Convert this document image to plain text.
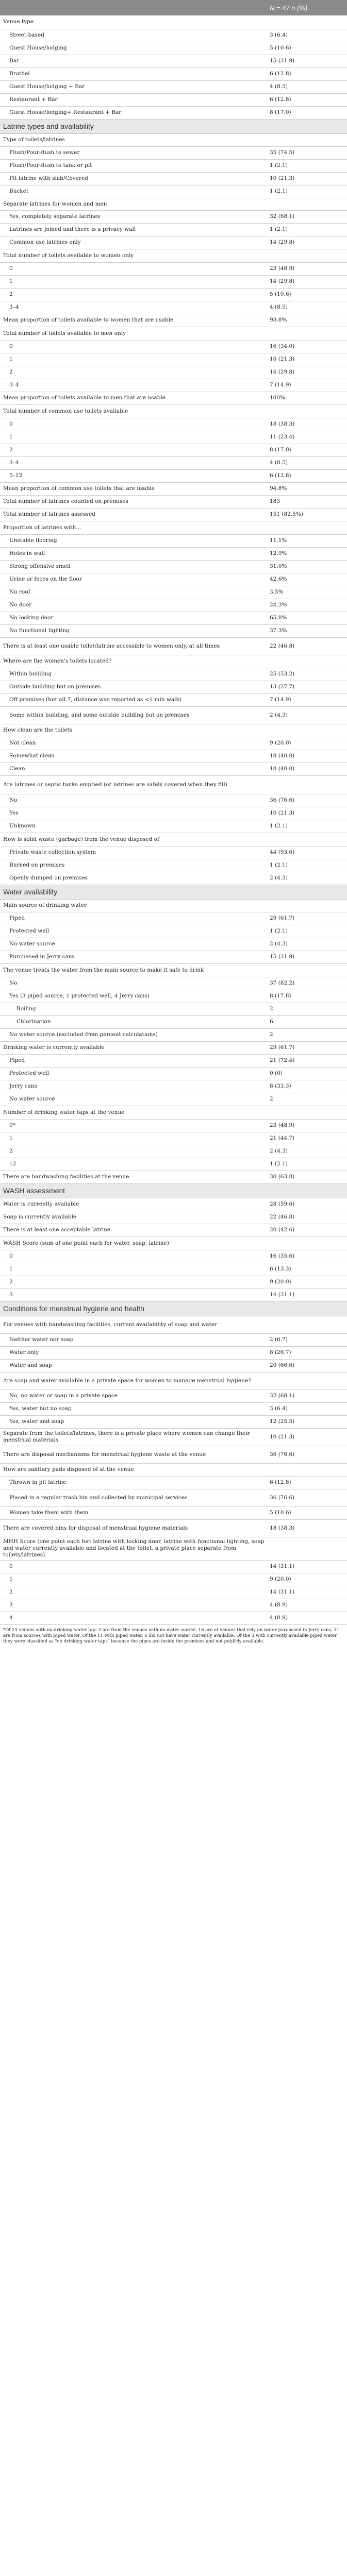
	N = 47 n (%)
Venue type	
Street-based	3 (6.4)
Guest House/lodging	5 (10.6)
Bar	15 (31.9)
Brothel	6 (12.8)
Guest House/lodging + Bar	4 (8.5)
Restaurant + Bar	6 (12.8)
Guest House/lodging+ Restaurant + Bar	8 (17.0)
Latrine types and availability	
Type of toilets/latrines	
Flush/Pour-flush to sewer	35 (74.5)
Flush/Pour-flush to tank or pit	1 (2.1)
Pit latrine with slab/Covered	10 (21.3)
Bucket	1 (2.1)
Separate latrines for women and men	
Yes, completely separate latrines	32 (68.1)
Latrines are joined and there is a privacy wall	1 (2.1)
Common use latrines only	14 (29.8)
Total number of toilets available to women only	
0	23 (48.9)
1	14 (29.8)
2	5 (10.6)
3–4	4 (8.5)
Mean proportion of toilets available to women that are usable	93.8%
Total number of toilets available to men only	
0	16 (34.0)
1	10 (21.3)
2	14 (29.8)
3–4	7 (14.9)
Mean proportion of toilets available to men that are usable	100%
Total number of common use toilets available	
0	18 (38.3)
1	11 (23.4)
2	8 (17.0)
3–4	4 (8.5)
5–12	6 (12.8)
Mean proportion of common use toilets that are usable	94.8%
Total number of latrines counted on premises	183
Total number of latrines assessed	151 (82.5%)
Proportion of latrines with…	
Unstable flooring	11.1%
Holes in wall	12.9%
Strong offensive smell	31.0%
Urine or feces on the floor	42.6%
No roof	3.5%
No door	24.3%
No locking door	65.8%
No functional lighting	37.3%
There is at least one usable toilet/latrine accessible to women only, at all times	22 (46.8)
Where are the women's toilets located?	
Within building	25 (53.2)
Outside building but on premises	13 (27.7)
Off premises (but all 7, distance was reported as <1 min walk)	7 (14.9)
Some within building, and some outside building but on premises	2 (4.3)
How clean are the toilets	
Not clean	9 (20.0)
Somewhat clean	18 (40.0)
Clean	18 (40.0)
Are latrines or septic tanks emptied (or latrines are safely covered when they fill)	
No	36 (76.6)
Yes	10 (21.3)
Unknown	1 (2.1)
How is solid waste (garbage) from the venue disposed of	
Private waste collection system	44 (93.6)
Burned on premises	1 (2.1)
Openly dumped on premises	2 (4.3)
Water availability	
Main source of drinking water	
Piped	29 (61.7)
Protected well	1 (2.1)
No water source	2 (4.3)
Purchased in Jerry cans	15 (31.9)
The venue treats the water from the main source to make it safe to drink	
No	37 (82.2)
Yes (3 piped source, 1 protected well, 4 Jerry cans)	8 (17.8)
Boiling	2
Chlorination	6
No water source (excluded from percent calculations)	2
Drinking water is currently available	29 (61.7)
Piped	21 (72.4)
Protected well	0 (0)
Jerry cans	8 (33.3)
No water source	2
Number of drinking water taps at the venue	
0*	23 (48.9)
1	21 (44.7)
2	2 (4.3)
12	1 (2.1)
There are handwashing facilities at the venue	30 (63.8)
WASH assessment	
Water is currently available	28 (59.6)
Soap is currently available	22 (46.8)
There is at least one acceptable latrine	20 (42.6)
WASH Score (sum of one point each for water, soap, latrine)	
0	16 (35.6)
1	6 (13.3)
2	9 (20.0)
3	14 (31.1)
Conditions for menstrual hygiene and health	
For venues with handwashing facilities, current availability of soap and water	
Neither water nor soap	2 (6.7)
Water only	8 (26.7)
Water and soap	20 (66.6)
Are soap and water available in a private space for women to manage menstrual hygiene?	
No, no water or soap in a private space	32 (68.1)
Yes, water but no soap	3 (6.4)
Yes, water and soap	12 (25.5)
Separate from the toilets/latrines, there is a private place where women can change their menstrual materials	10 (21.3)
There are disposal mechanisms for menstrual hygiene waste at the venue	36 (76.6)
How are sanitary pads disposed of at the venue	
Thrown in pit latrine	6 (12.8)
Placed in a regular trash bin and collected by municipal services	36 (76.6)
Women take them with them	5 (10.6)
There are covered bins for disposal of menstrual hygiene materials	18 (38.3)
MHH Score (one point each for: latrine with locking door, latrine with functional lighting, soap and water currently available and located at the toilet, a private place separate from toilets/latrines)	
0	14 (31.1)
1	9 (20.0)
2	14 (31.1)
3	4 (8.9)
4	4 (8.9)
*Of 23 venues with no drinking water tap: 2 are from the venues with no water source, 16 are at venues that rely on water purchased in Jerry cans, 11 are from sources with piped water. Of the 11 with piped water, 6 did not have water currently available. Of the 3 with currently available piped water, they were classified as "no drinking water taps" because the pipes are inside the premises and not publicly available.
